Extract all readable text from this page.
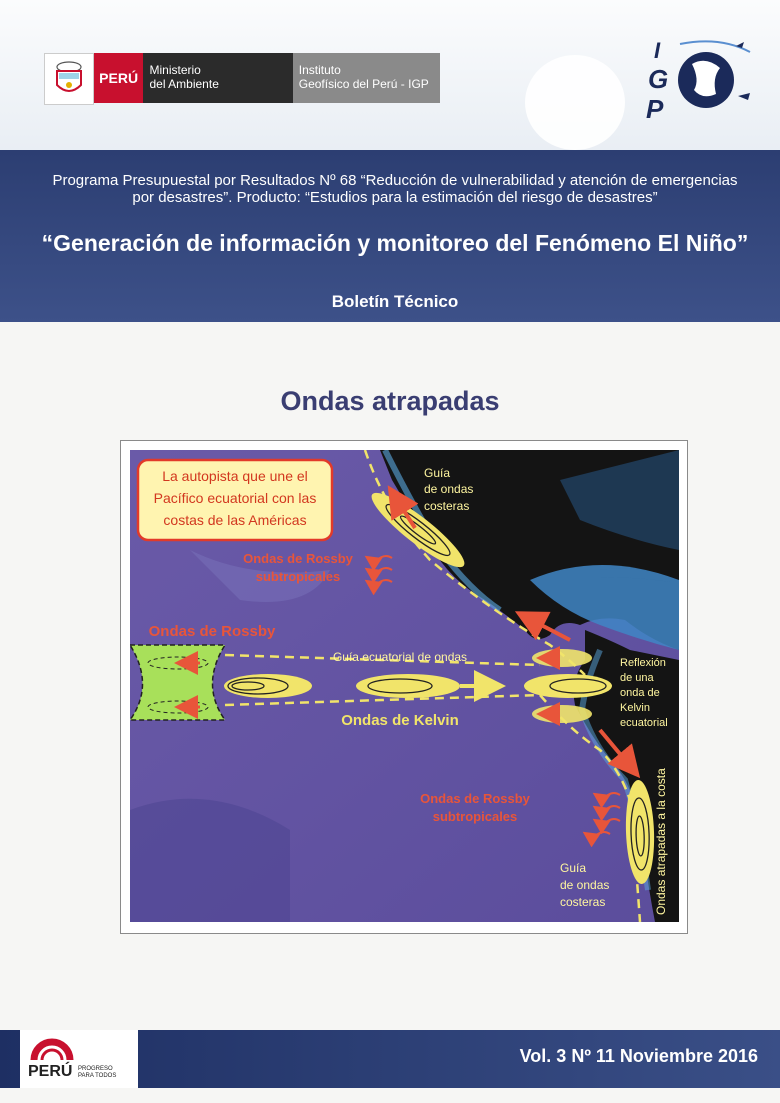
PERÚ Ministerio
del Ambiente
Instituto
Geofísico del Perú - IGP
I
G
P
Programa Presupuestal por Resultados Nº 68 “Reducción de vulnerabilidad y atención de emergencias por desastres”. Producto: “Estudios para la estimación del riesgo de desastres”
“Generación de información y monitoreo del Fenómeno El Niño”
Boletín Técnico
Ondas atrapadas
La autopista que une el
Pacífico ecuatorial con las
costas de las Américas
Guía
de ondas
costeras
Ondas de Rossby
subtropicales
Ondas de Rossby
Guía ecuatorial de ondas
Ondas de Kelvin
Reflexión
de una
onda de
Kelvin
ecuatorial
Ondas atrapadas a la costa
Ondas de Rossby
subtropicales
Guía
de ondas
costeras
PERÚ PROGRESO
PARA TODOS
Vol. 3 Nº 11 Noviembre 2016
